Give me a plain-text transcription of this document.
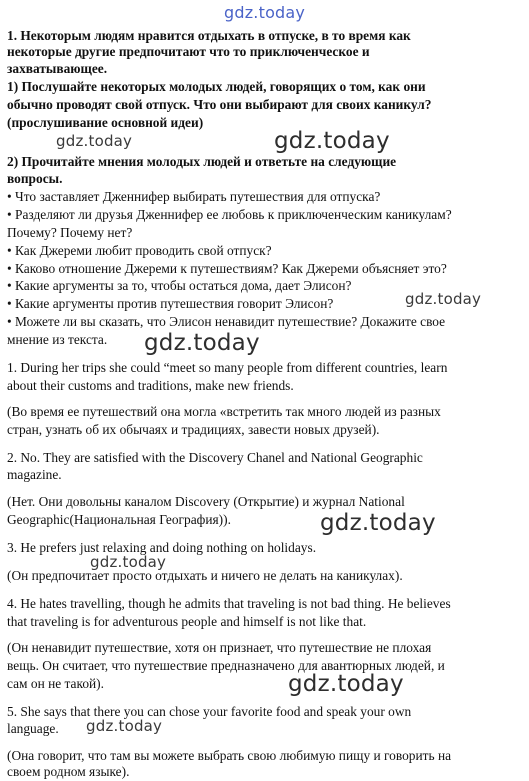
gdz.today
1. Некоторым людям нравится отдыхать в отпуске, в то время как
некоторые другие предпочитают что то приключенческое и
захватывающее.
1) Послушайте некоторых молодых людей, говорящих о том, как они
обычно проводят свой отпуск. Что они выбирают для своих каникул?
(прослушивание основной идеи)
gdz.today	gdz.today
2) Прочитайте мнения молодых людей и ответьте на следующие
вопросы.
• Что заставляет Дженнифер выбирать путешествия для отпуска?
• Разделяют ли друзья Дженнифер ее любовь к приключенческим каникулам?
Почему? Почему нет?
• Как Джереми любит проводить свой отпуск?
• Каково отношение Джереми к путешествиям? Как Джереми объясняет это?
• Какие аргументы за то, чтобы остаться дома, дает Элисон?
• Какие аргументы против путешествия говорит Элисон?	gdz.today
• Можете ли вы сказать, что Элисон ненавидит путешествие? Докажите свое
мнение из текста. gdz.today
1. During her trips she could “meet so many people from different countries, learn
about their customs and traditions, make new friends.
(Во время ее путешествий она могла «встретить так много людей из разных
стран, узнать об их обычаях и традициях, завести новых друзей).
2. No. They are satisfied with the Discovery Chanel and National Geographic
magazine.
(Нет. Они довольны каналом Discovery (Открытие) и журнал National
Geographic(Национальная География)).	gdz.today
3. He prefers just relaxing and doing nothing on holidays.
gdz.today
(Он предпочитает просто отдыхать и ничего не делать на каникулах).
4. He hates travelling, though he admits that traveling is not bad thing. He believes
that traveling is for adventurous people and himself is not like that.
(Он ненавидит путешествие, хотя он признает, что путешествие не плохая
вещь. Он считает, что путешествие предназначено для авантюрных людей, и
сам он не такой).	gdz.today
5. She says that there you can chose your favorite food and speak your own
language. gdz.today
(Она говорит, что там вы можете выбрать свою любимую пищу и говорить на
своем родном языке).
